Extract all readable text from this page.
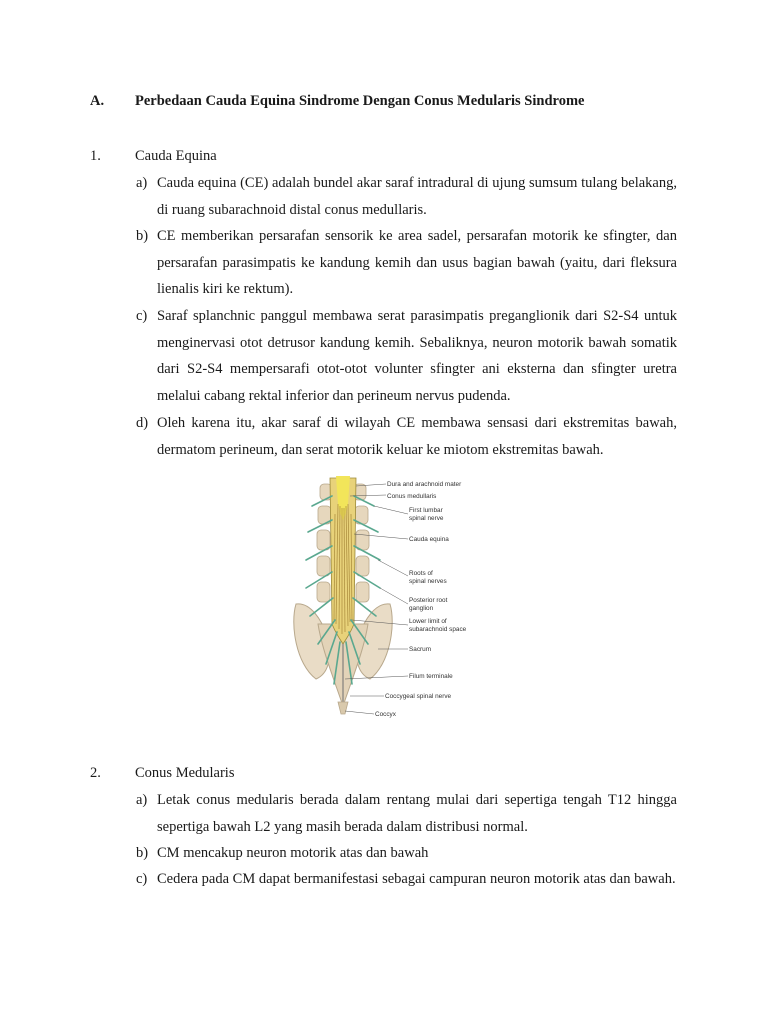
A. Perbedaan Cauda Equina Sindrome Dengan Conus Medularis Sindrome
1. Cauda Equina
a) Cauda equina (CE) adalah bundel akar saraf intradural di ujung sumsum tulang belakang, di ruang subarachnoid distal conus medullaris.
b) CE memberikan persarafan sensorik ke area sadel, persarafan motorik ke sfingter, dan persarafan parasimpatis ke kandung kemih dan usus bagian bawah (yaitu, dari fleksura lienalis kiri ke rektum).
c) Saraf splanchnic panggul membawa serat parasimpatis preganglionik dari S2-S4 untuk menginervasi otot detrusor kandung kemih. Sebaliknya, neuron motorik bawah somatik dari S2-S4 mempersarafi otot-otot volunter sfingter ani eksterna dan sfingter uretra melalui cabang rektal inferior dan perineum nervus pudenda.
d) Oleh karena itu, akar saraf di wilayah CE membawa sensasi dari ekstremitas bawah, dermatom perineum, dan serat motorik keluar ke miotom ekstremitas bawah.
Dura and arachnoid mater
Conus medullaris
First lumbar
spinal nerve
Cauda equina
Roots of
spinal nerves
Posterior root
ganglion
Lower limit of
subarachnoid space
Sacrum
Filum terminale
Coccygeal spinal nerve
Coccyx
2. Conus Medularis
a) Letak conus medularis berada dalam rentang mulai dari sepertiga tengah T12 hingga sepertiga bawah L2 yang masih berada dalam distribusi normal.
b) CM mencakup neuron motorik atas dan bawah
c) Cedera pada CM dapat bermanifestasi sebagai campuran neuron motorik atas dan bawah.
